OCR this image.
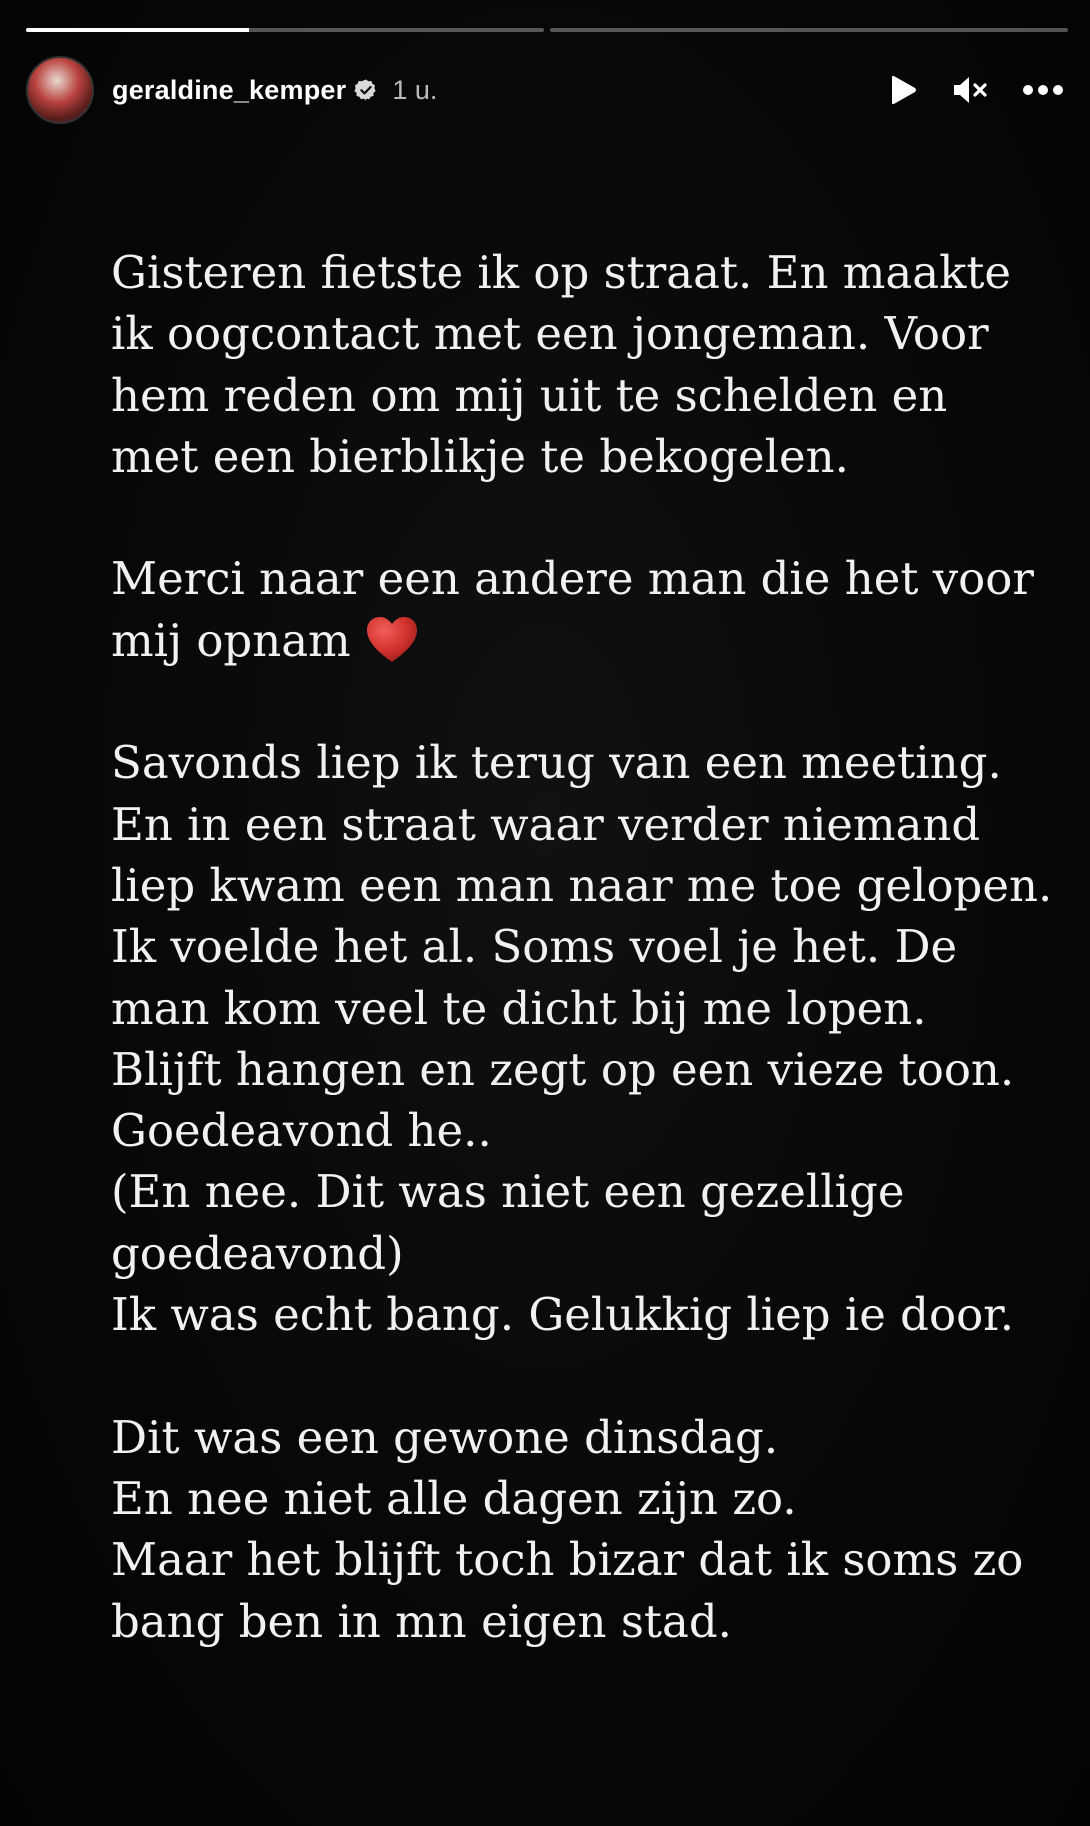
geraldine_kemper 1 u.
Gisteren fietste ik op straat. En maakte
ik oogcontact met een jongeman. Voor
hem reden om mij uit te schelden en
met een bierblikje te bekogelen.
Merci naar een andere man die het voor
mij opnam
Savonds liep ik terug van een meeting.
En in een straat waar verder niemand
liep kwam een man naar me toe gelopen.
Ik voelde het al. Soms voel je het. De
man kom veel te dicht bij me lopen.
Blijft hangen en zegt op een vieze toon.
Goedeavond he..
(En nee. Dit was niet een gezellige
goedeavond)
Ik was echt bang. Gelukkig liep ie door.
Dit was een gewone dinsdag.
En nee niet alle dagen zijn zo.
Maar het blijft toch bizar dat ik soms zo
bang ben in mn eigen stad.
